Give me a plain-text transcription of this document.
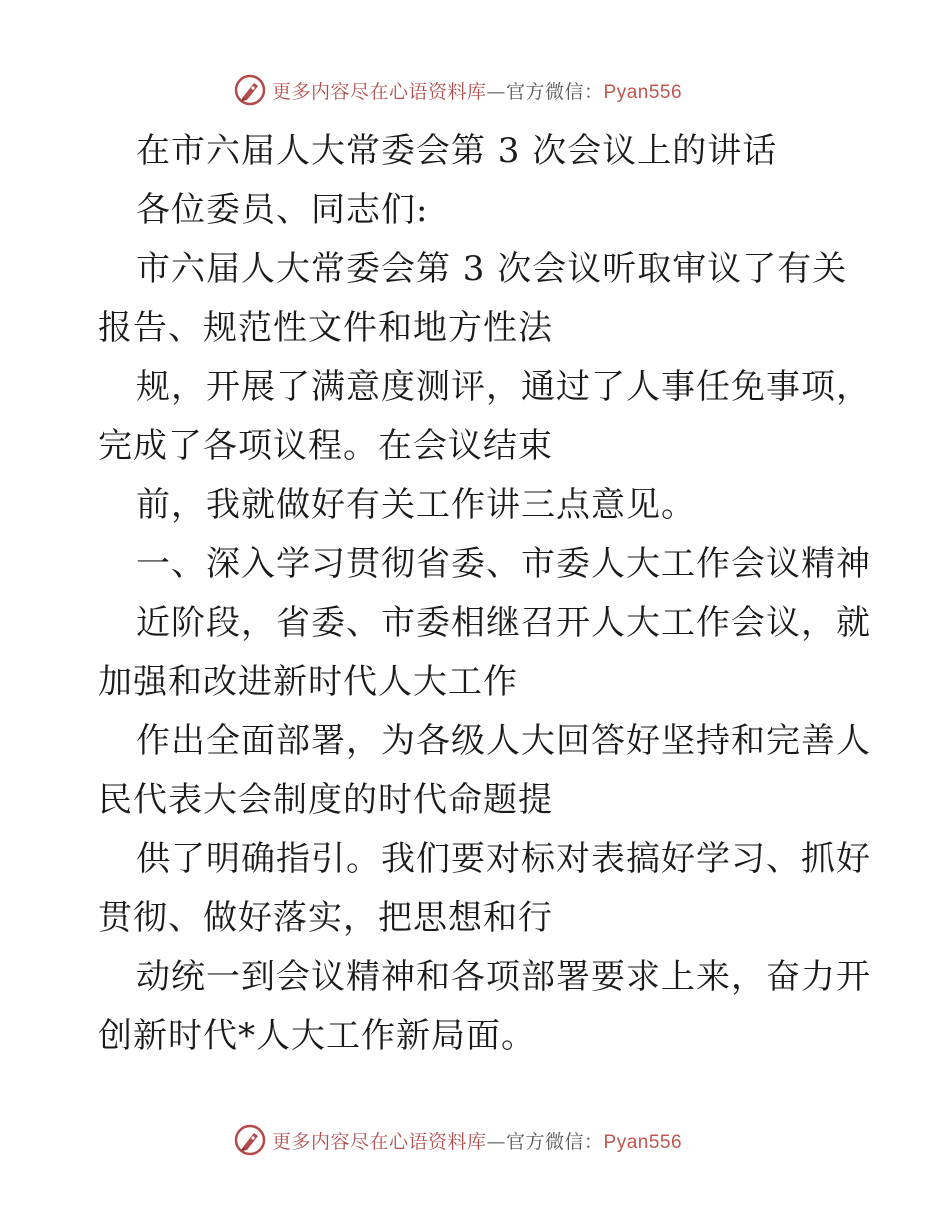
更多内容尽在心语资料库—官方微信：Pyan556
在市六届人大常委会第 3 次会议上的讲话
各位委员、同志们:
市六届人大常委会第 3 次会议听取审议了有关
报告、规范性文件和地方性法
规，开展了满意度测评，通过了人事任免事项，
完成了各项议程。在会议结束
前，我就做好有关工作讲三点意见。
一、深入学习贯彻省委、市委人大工作会议精神
近阶段，省委、市委相继召开人大工作会议，就
加强和改进新时代人大工作
作出全面部署，为各级人大回答好坚持和完善人
民代表大会制度的时代命题提
供了明确指引。我们要对标对表搞好学习、抓好
贯彻、做好落实，把思想和行
动统一到会议精神和各项部署要求上来，奋力开
创新时代*人大工作新局面。
更多内容尽在心语资料库—官方微信：Pyan556
